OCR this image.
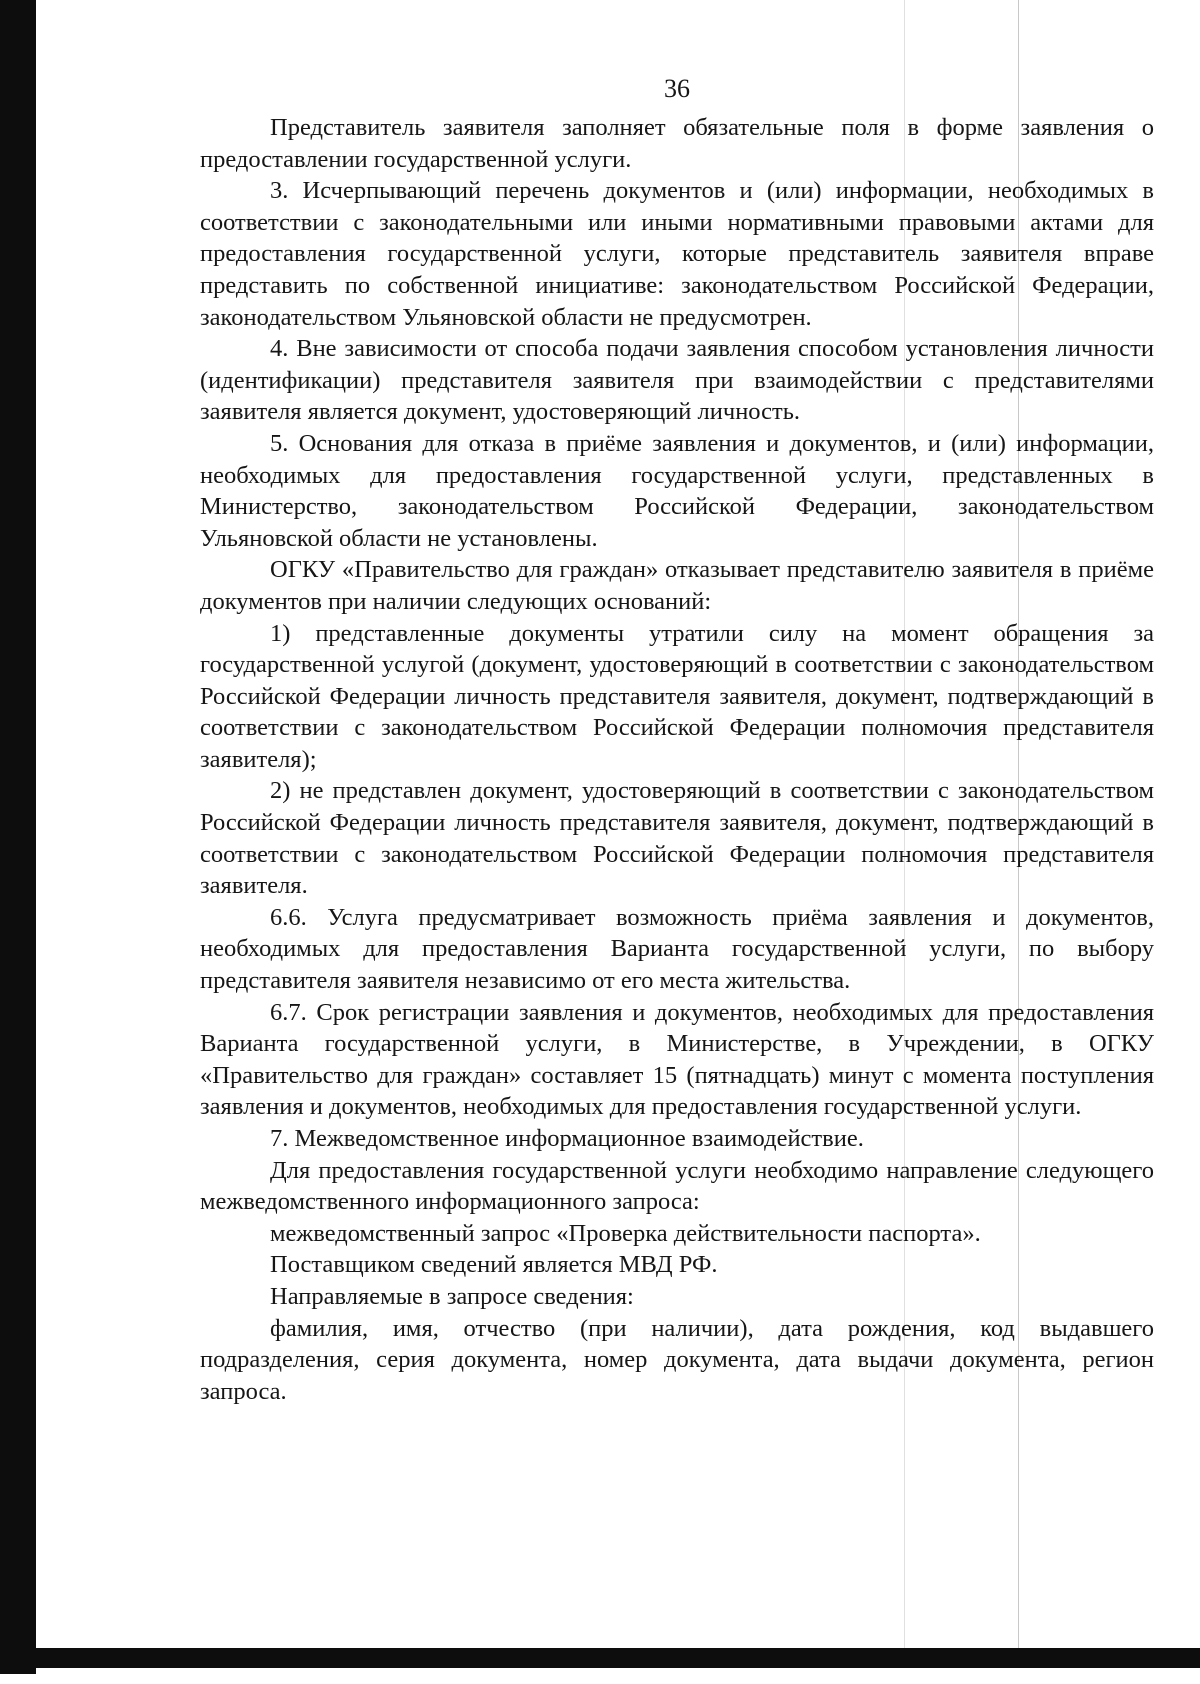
36

Представитель заявителя заполняет обязательные поля в форме заявления о предоставлении государственной услуги.

3. Исчерпывающий перечень документов и (или) информации, необходимых в соответствии с законодательными или иными нормативными правовыми актами для предоставления государственной услуги, которые представитель заявителя вправе представить по собственной инициативе: законодательством Российской Федерации, законодательством Ульяновской области не предусмотрен.

4. Вне зависимости от способа подачи заявления способом установления личности (идентификации) представителя заявителя при взаимодействии с представителями заявителя является документ, удостоверяющий личность.

5. Основания для отказа в приёме заявления и документов, и (или) информации, необходимых для предоставления государственной услуги, представленных в Министерство, законодательством Российской Федерации, законодательством Ульяновской области не установлены.

ОГКУ «Правительство для граждан» отказывает представителю заявителя в приёме документов при наличии следующих оснований:

1) представленные документы утратили силу на момент обращения за государственной услугой (документ, удостоверяющий в соответствии с законодательством Российской Федерации личность представителя заявителя, документ, подтверждающий в соответствии с законодательством Российской Федерации полномочия представителя заявителя);

2) не представлен документ, удостоверяющий в соответствии с законодательством Российской Федерации личность представителя заявителя, документ, подтверждающий в соответствии с законодательством Российской Федерации полномочия представителя заявителя.

6.6. Услуга предусматривает возможность приёма заявления и документов, необходимых для предоставления Варианта государственной услуги, по выбору представителя заявителя независимо от его места жительства.

6.7. Срок регистрации заявления и документов, необходимых для предоставления Варианта государственной услуги, в Министерстве, в Учреждении, в ОГКУ «Правительство для граждан» составляет 15 (пятнадцать) минут с момента поступления заявления и документов, необходимых для предоставления государственной услуги.

7. Межведомственное информационное взаимодействие.

Для предоставления государственной услуги необходимо направление следующего межведомственного информационного запроса:

межведомственный запрос «Проверка действительности паспорта».

Поставщиком сведений является МВД РФ.

Направляемые в запросе сведения:

фамилия, имя, отчество (при наличии), дата рождения, код выдавшего подразделения, серия документа, номер документа, дата выдачи документа, регион запроса.
